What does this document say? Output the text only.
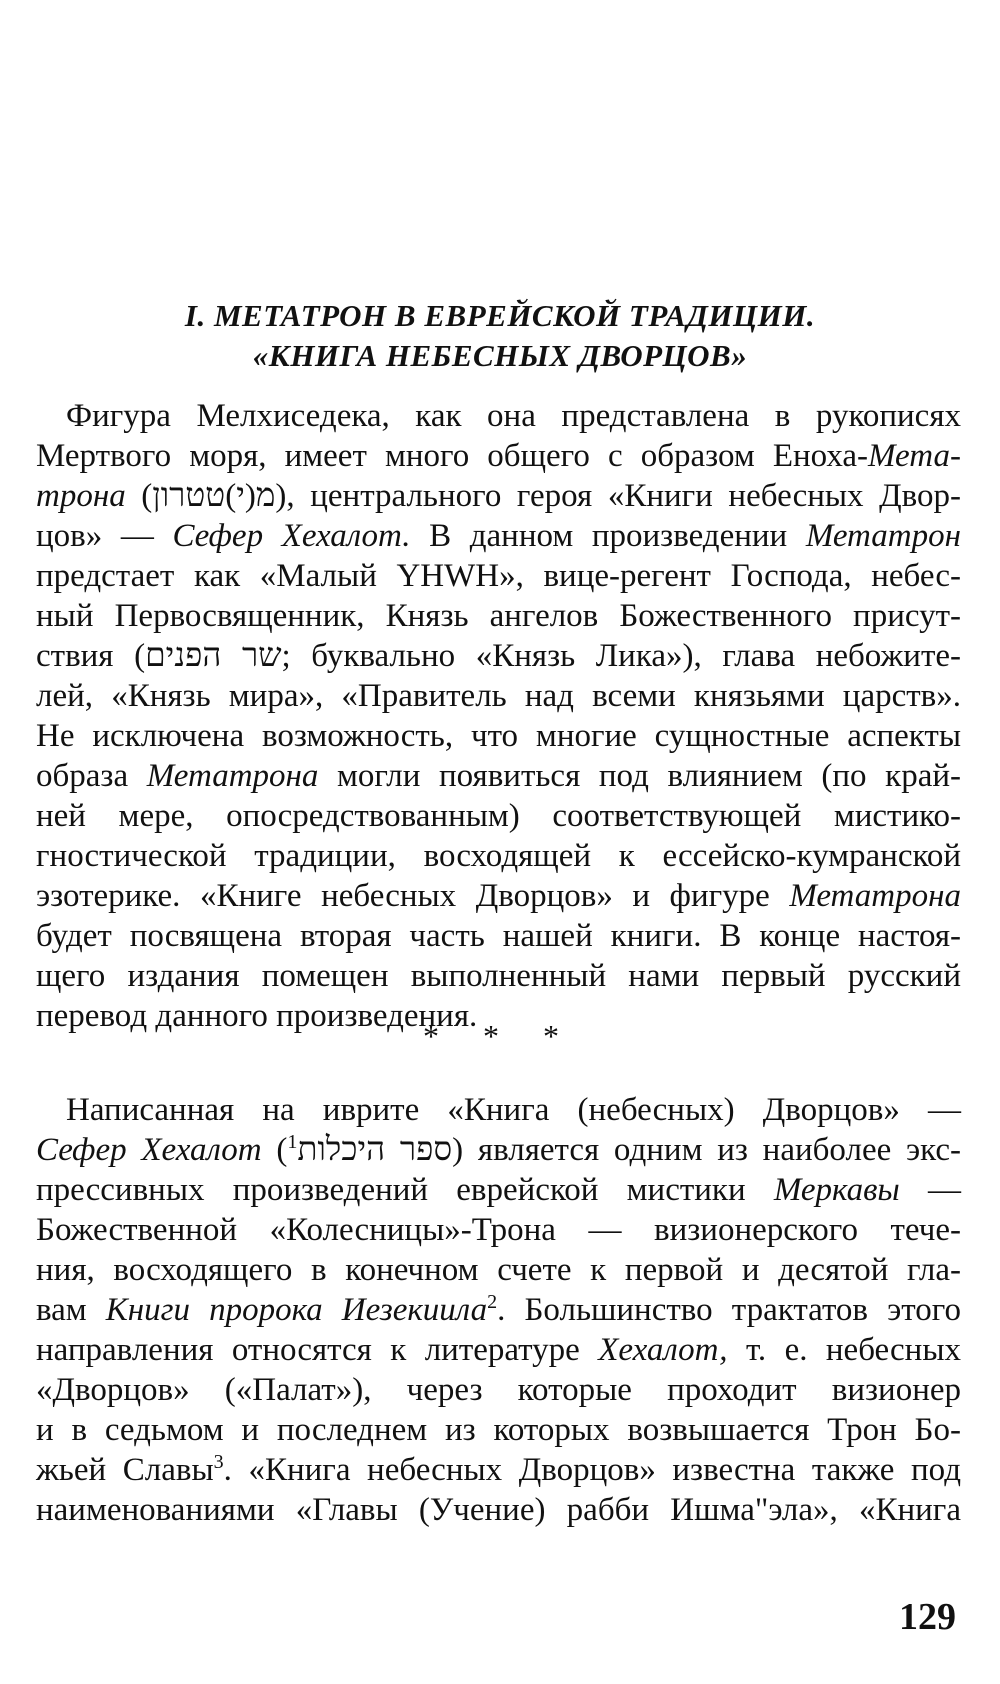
I. МЕТАТРОН В ЕВРЕЙСКОЙ ТРАДИЦИИ.
«КНИГА НЕБЕСНЫХ ДВОРЦОВ»
Фигура Мелхиседека, как она представлена в рукописях
Мертвого моря, имеет много общего с образом Еноха-Мета-
трона (מ(י)טטרון), центрального героя «Книги небесных Двор-
цов» — Сефер Хехалот. В данном произведении Метатрон
предстает как «Малый YHWH», вице-регент Господа, небес-
ный Первосвященник, Князь ангелов Божественного присут-
ствия (שר הפנים; буквально «Князь Лика»), глава небожите-
лей, «Князь мира», «Правитель над всеми князьями царств».
Не исключена возможность, что многие сущностные аспекты
образа Метатрона могли появиться под влиянием (по край-
ней мере, опосредствованным) соответствующей мистико-
гностической традиции, восходящей к ессейско-кумранской
эзотерике. «Книге небесных Дворцов» и фигуре Метатрона
будет посвящена вторая часть нашей книги. В конце настоя-
щего издания помещен выполненный нами первый русский
перевод данного произведения.
* * *
Написанная на иврите «Книга (небесных) Дворцов» —
Сефер Хехалот ($^1$ספר היכלות) является одним из наиболее экс-
прессивных произведений еврейской мистики Меркавы —
Божественной «Колесницы»-Трона — визионерского тече-
ния, восходящего в конечном счете к первой и десятой гла-
вам Книги пророка Иезекиила$^2$. Большинство трактатов этого
направления относятся к литературе Хехалот, т. е. небесных
«Дворцов» («Палат»), через которые проходит визионер
и в седьмом и последнем из которых возвышается Трон Бо-
жьей Славы$^3$. «Книга небесных Дворцов» известна также под
наименованиями «Главы (Учение) рабби Ишма"эла», «Книга
129
